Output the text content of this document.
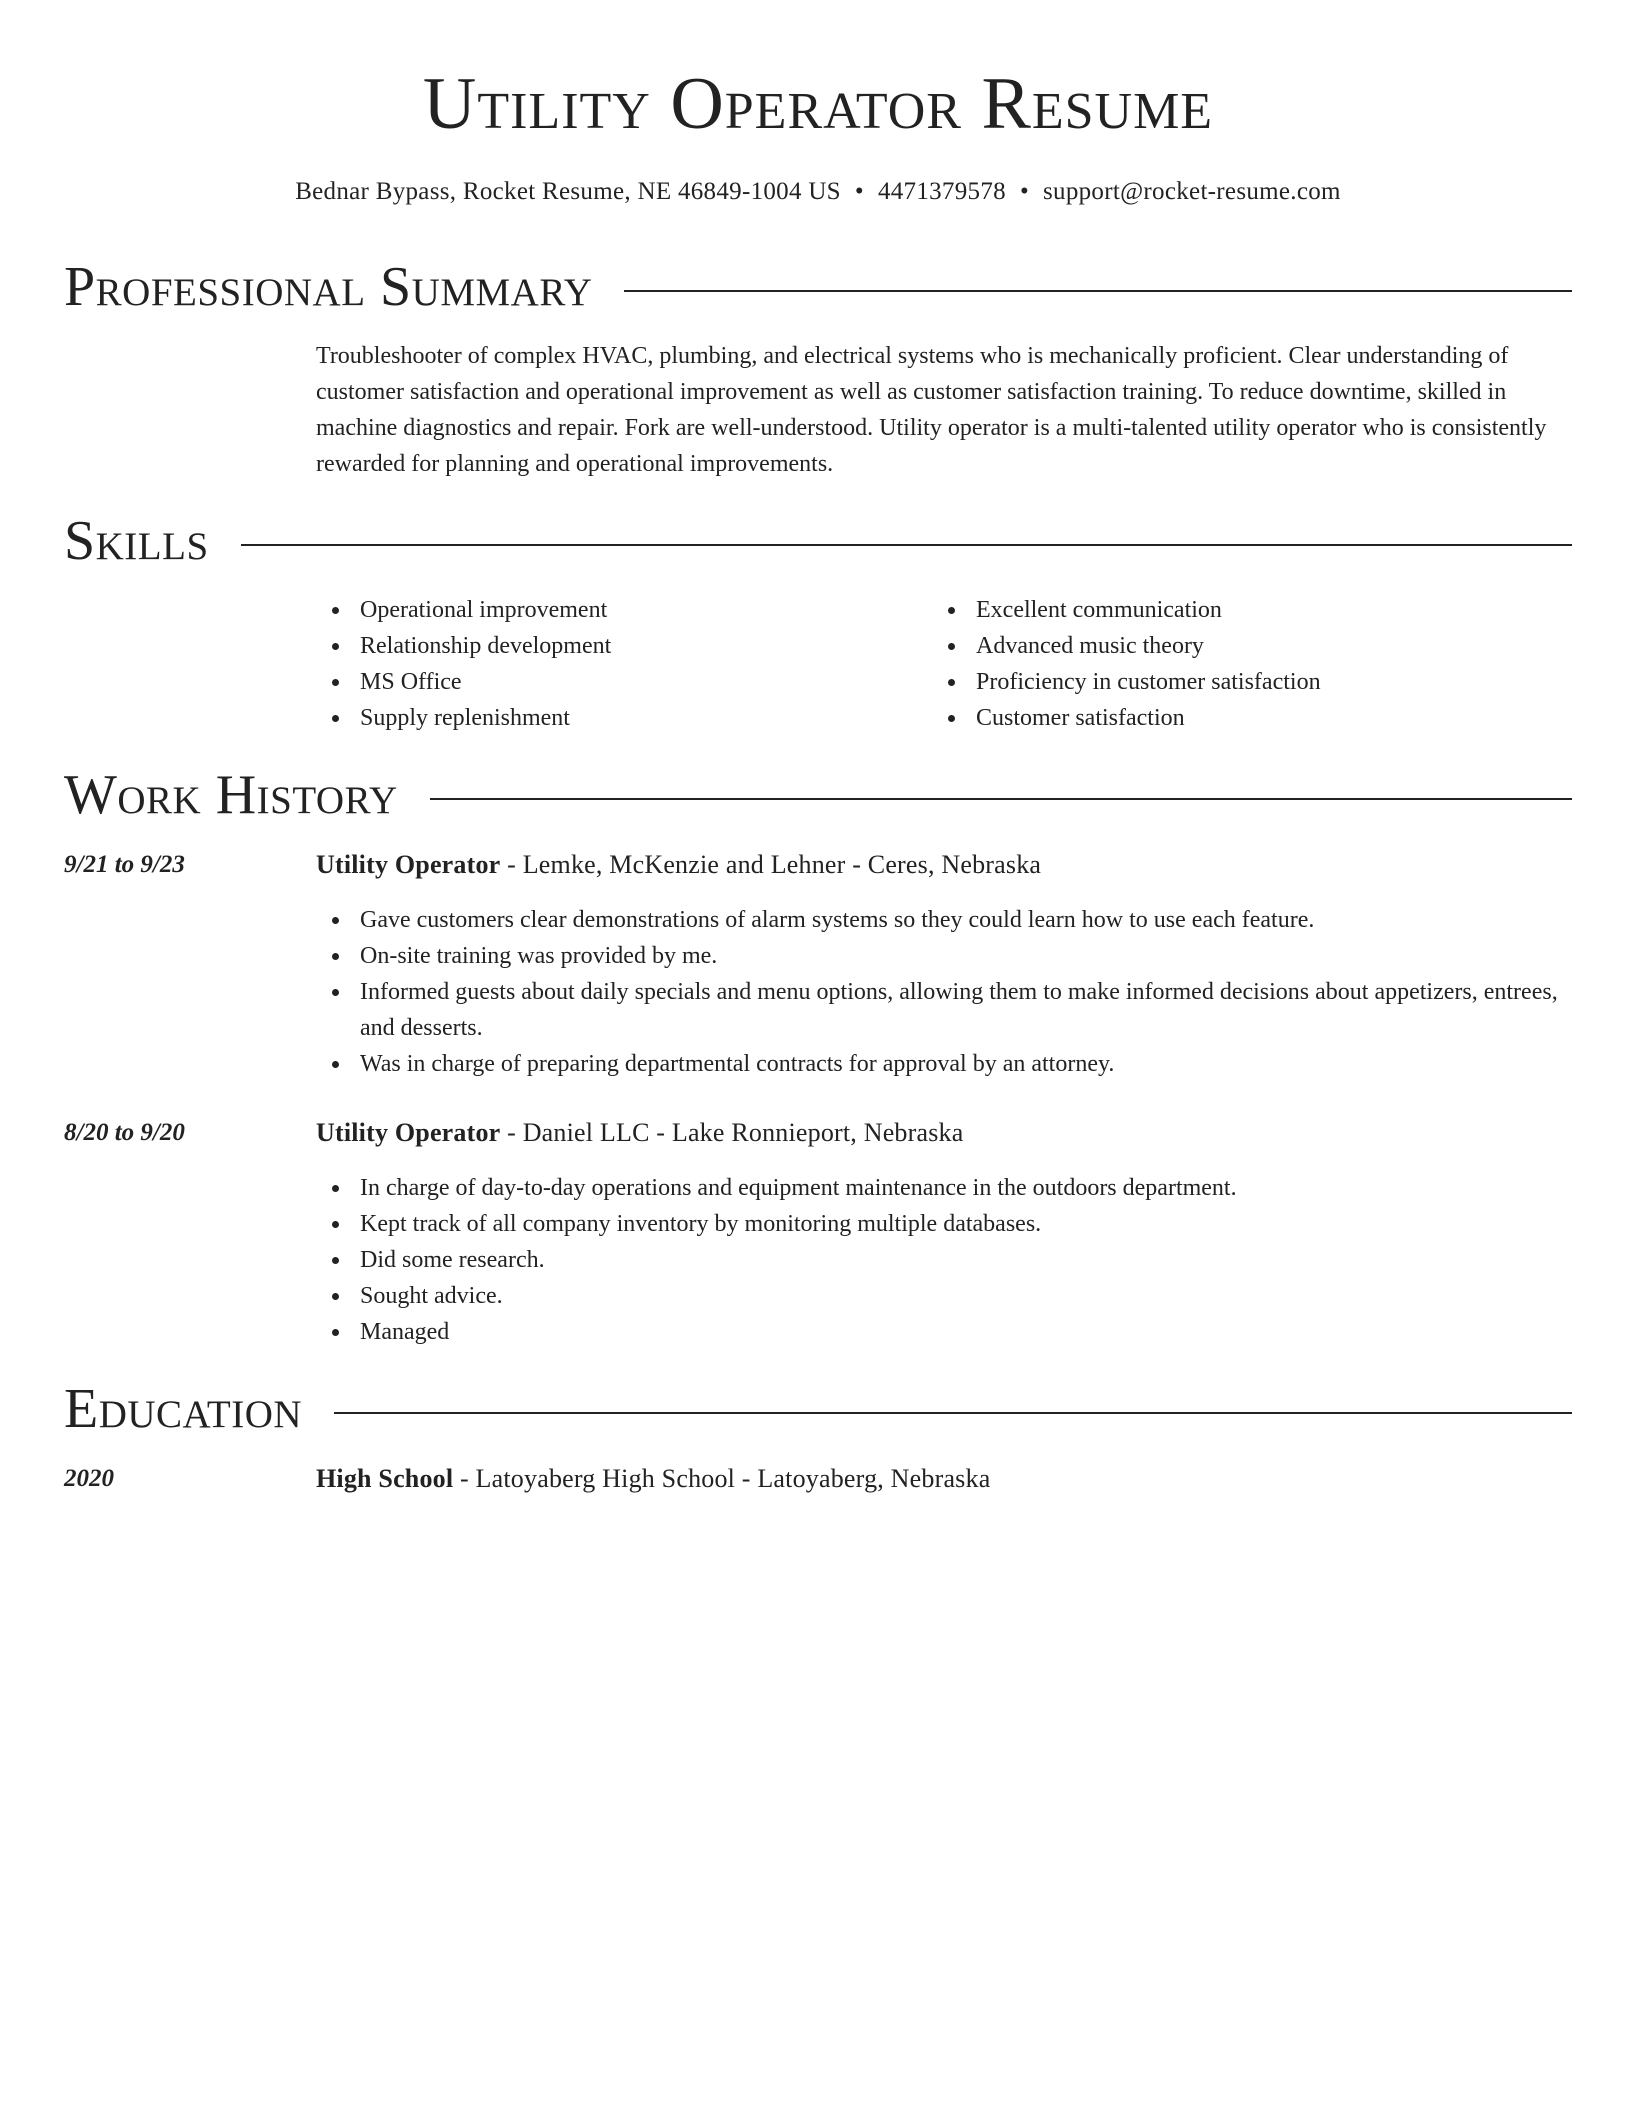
Utility Operator Resume
Bednar Bypass, Rocket Resume, NE 46849-1004 US • 4471379578 • support@rocket-resume.com
Professional Summary
Troubleshooter of complex HVAC, plumbing, and electrical systems who is mechanically proficient. Clear understanding of customer satisfaction and operational improvement as well as customer satisfaction training. To reduce downtime, skilled in machine diagnostics and repair. Fork are well-understood. Utility operator is a multi-talented utility operator who is consistently rewarded for planning and operational improvements.
Skills
Operational improvement
Relationship development
MS Office
Supply replenishment
Excellent communication
Advanced music theory
Proficiency in customer satisfaction
Customer satisfaction
Work History
9/21 to 9/23	Utility Operator - Lemke, McKenzie and Lehner - Ceres, Nebraska
Gave customers clear demonstrations of alarm systems so they could learn how to use each feature.
On-site training was provided by me.
Informed guests about daily specials and menu options, allowing them to make informed decisions about appetizers, entrees, and desserts.
Was in charge of preparing departmental contracts for approval by an attorney.
8/20 to 9/20	Utility Operator - Daniel LLC - Lake Ronnieport, Nebraska
In charge of day-to-day operations and equipment maintenance in the outdoors department.
Kept track of all company inventory by monitoring multiple databases.
Did some research.
Sought advice.
Managed
Education
2020	High School - Latoyaberg High School - Latoyaberg, Nebraska
